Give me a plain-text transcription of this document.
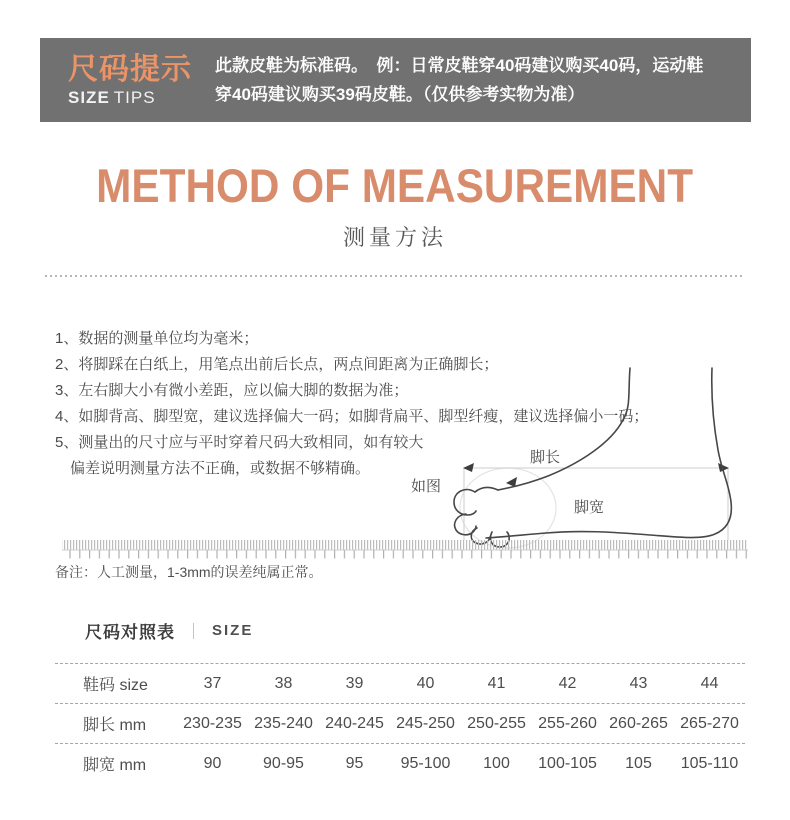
尺码提示
SIZE TIPS
此款皮鞋为标准码。　例：日常皮鞋穿40码建议购买40码，运动鞋
穿40码建议购买39码皮鞋。（仅供参考实物为准）
METHOD OF MEASUREMENT
测量方法
1、数据的测量单位均为毫米；
2、将脚踩在白纸上，用笔点出前后长点，两点间距离为正确脚长；
3、左右脚大小有微小差距，应以偏大脚的数据为准；
4、如脚背高、脚型宽，建议选择偏大一码；如脚背扁平、脚型纤瘦，建议选择偏小一码；
5、测量出的尺寸应与平时穿着尺码大致相同，如有较大
　偏差说明测量方法不正确，或数据不够精确。
脚长
如图
脚宽
备注：人工测量，1-3mm的误差纯属正常。
尺码对照表 SIZE
鞋码 size	37	38	39	40	41	42	43	44
脚长 mm	230-235 235-240 240-245 245-250 250-255 255-260 260-265 265-270
脚宽 mm	90	90-95	95	95-100	100	100-105	105	105-110
